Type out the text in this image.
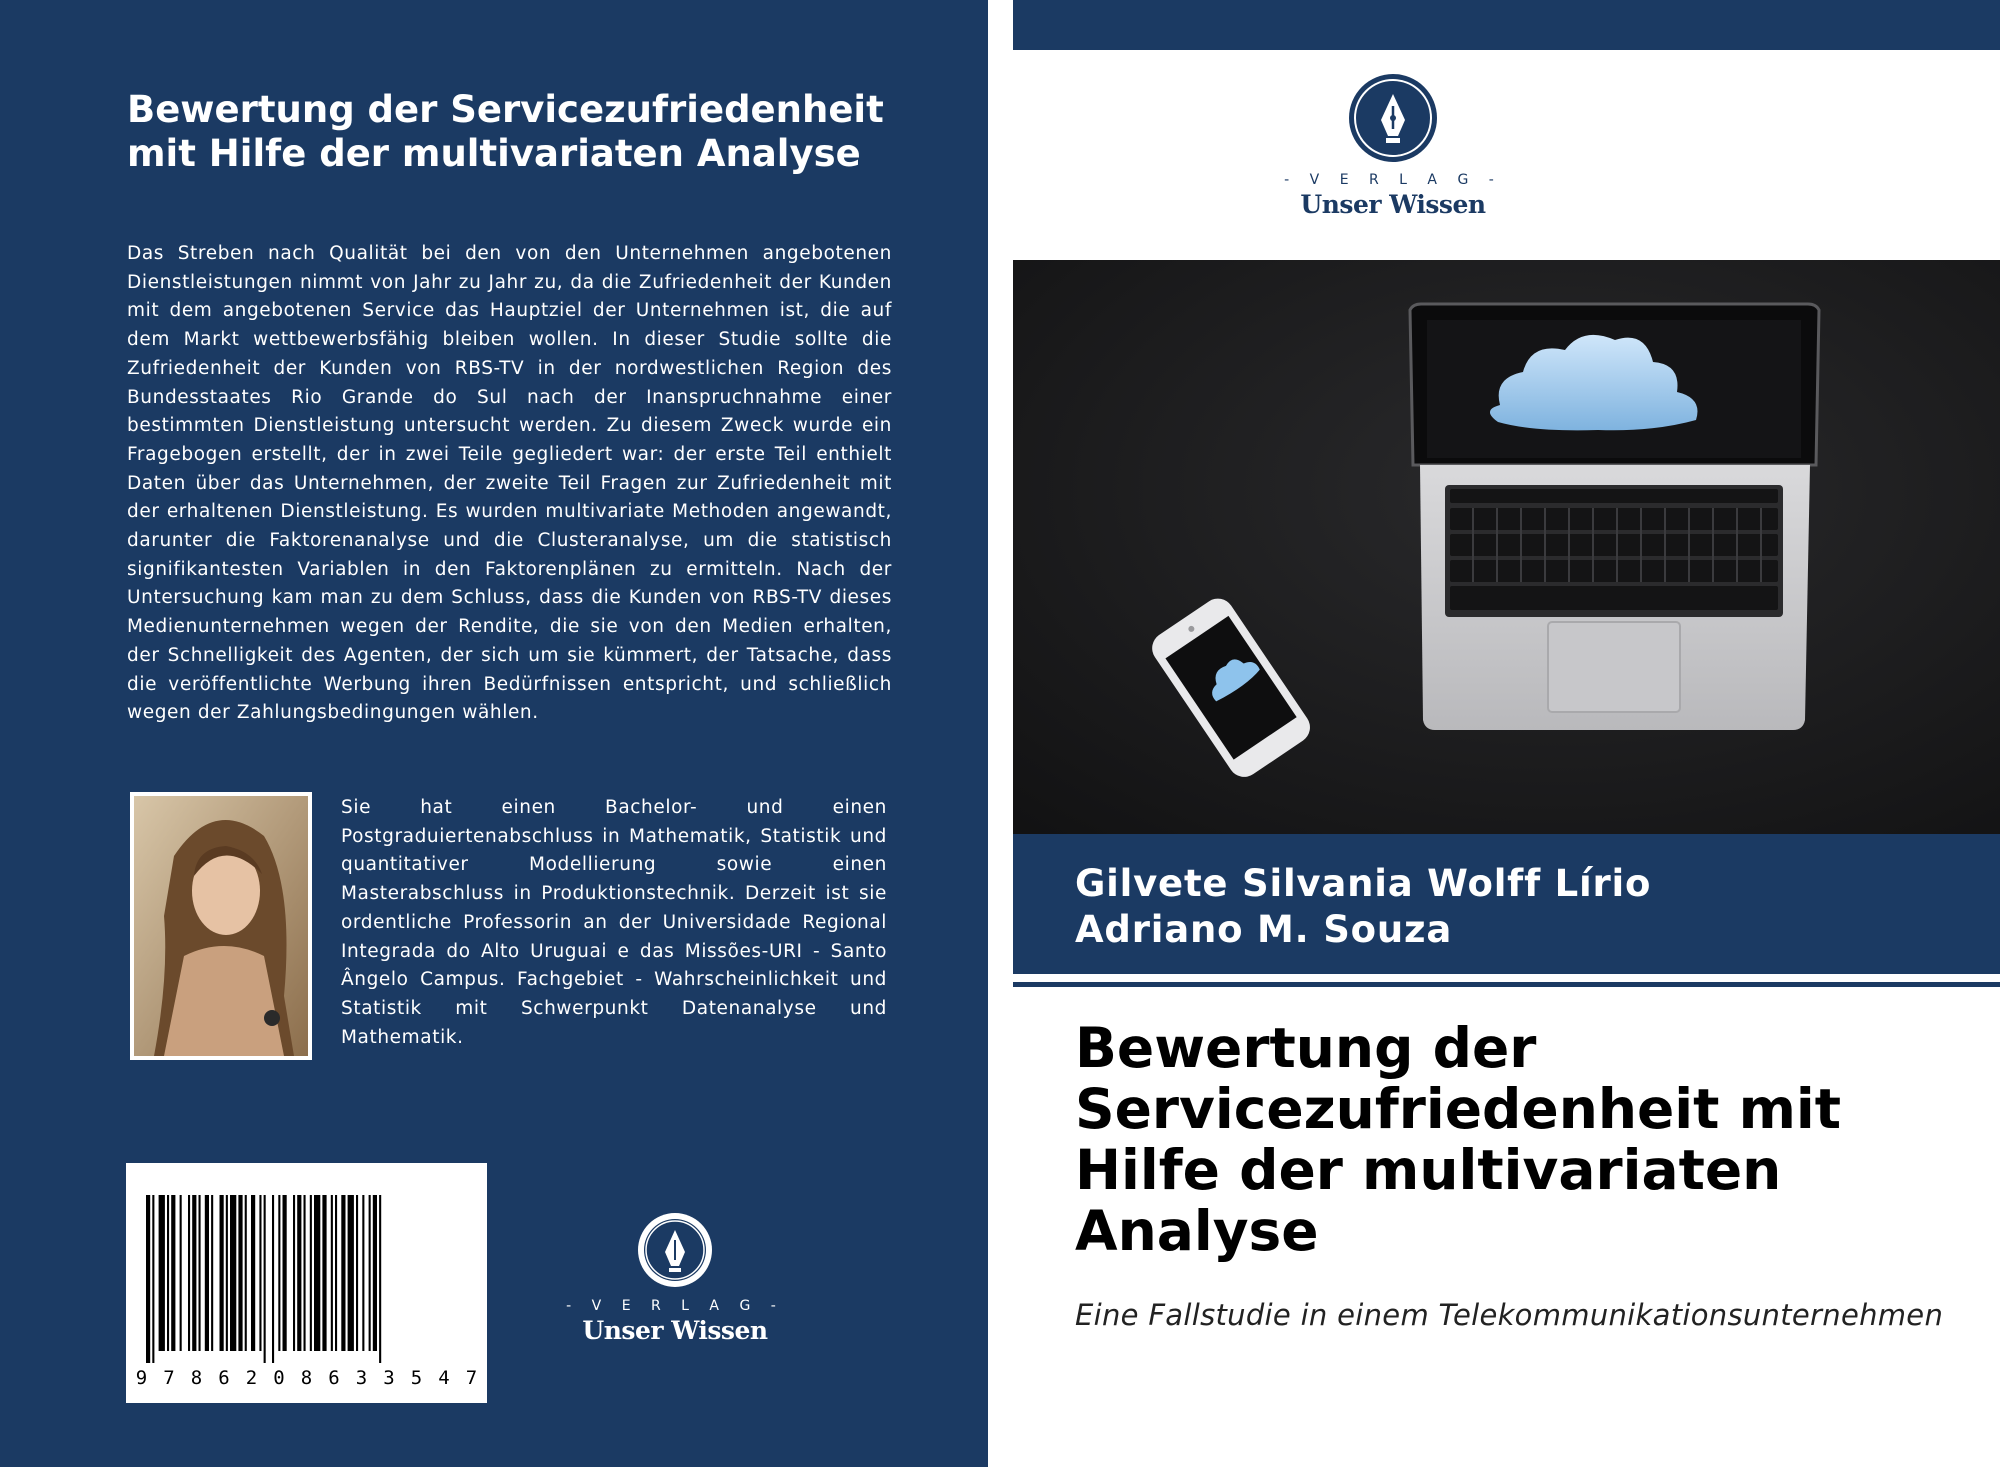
Bewertung der Servicezufriedenheit mit Hilfe der multivariaten Analyse

Das Streben nach Qualität bei den von den Unternehmen angebotenen Dienstleistungen nimmt von Jahr zu Jahr zu, da die Zufriedenheit der Kunden mit dem angebotenen Service das Hauptziel der Unternehmen ist, die auf dem Markt wettbewerbsfähig bleiben wollen. In dieser Studie sollte die Zufriedenheit der Kunden von RBS-TV in der nordwestlichen Region des Bundesstaates Rio Grande do Sul nach der Inanspruchnahme einer bestimmten Dienstleistung untersucht werden. Zu diesem Zweck wurde ein Fragebogen erstellt, der in zwei Teile gegliedert war: der erste Teil enthielt Daten über das Unternehmen, der zweite Teil Fragen zur Zufriedenheit mit der erhaltenen Dienstleistung. Es wurden multivariate Methoden angewandt, darunter die Faktorenanalyse und die Clusteranalyse, um die statistisch signifikantesten Variablen in den Faktorenplänen zu ermitteln. Nach der Untersuchung kam man zu dem Schluss, dass die Kunden von RBS-TV dieses Medienunternehmen wegen der Rendite, die sie von den Medien erhalten, der Schnelligkeit des Agenten, der sich um sie kümmert, der Tatsache, dass die veröffentlichte Werbung ihren Bedürfnissen entspricht, und schließlich wegen der Zahlungsbedingungen wählen.

Sie hat einen Bachelor- und einen Postgraduiertenabschluss in Mathematik, Statistik und quantitativer Modellierung sowie einen Masterabschluss in Produktionstechnik. Derzeit ist sie ordentliche Professorin an der Universidade Regional Integrada do Alto Uruguai e das Missões-URI - Santo Ângelo Campus. Fachgebiet - Wahrscheinlichkeit und Statistik mit Schwerpunkt Datenanalyse und Mathematik.

9 7 8 6 2 0 8 6 3 3 5 4 7
- V E R L A G -
Unser Wissen
- V E R L A G -
Unser Wissen
Gilvete Silvania Wolff Lírio
Adriano M. Souza
Bewertung der Servicezufriedenheit mit Hilfe der multivariaten Analyse

Eine Fallstudie in einem Telekommunikationsunternehmen
